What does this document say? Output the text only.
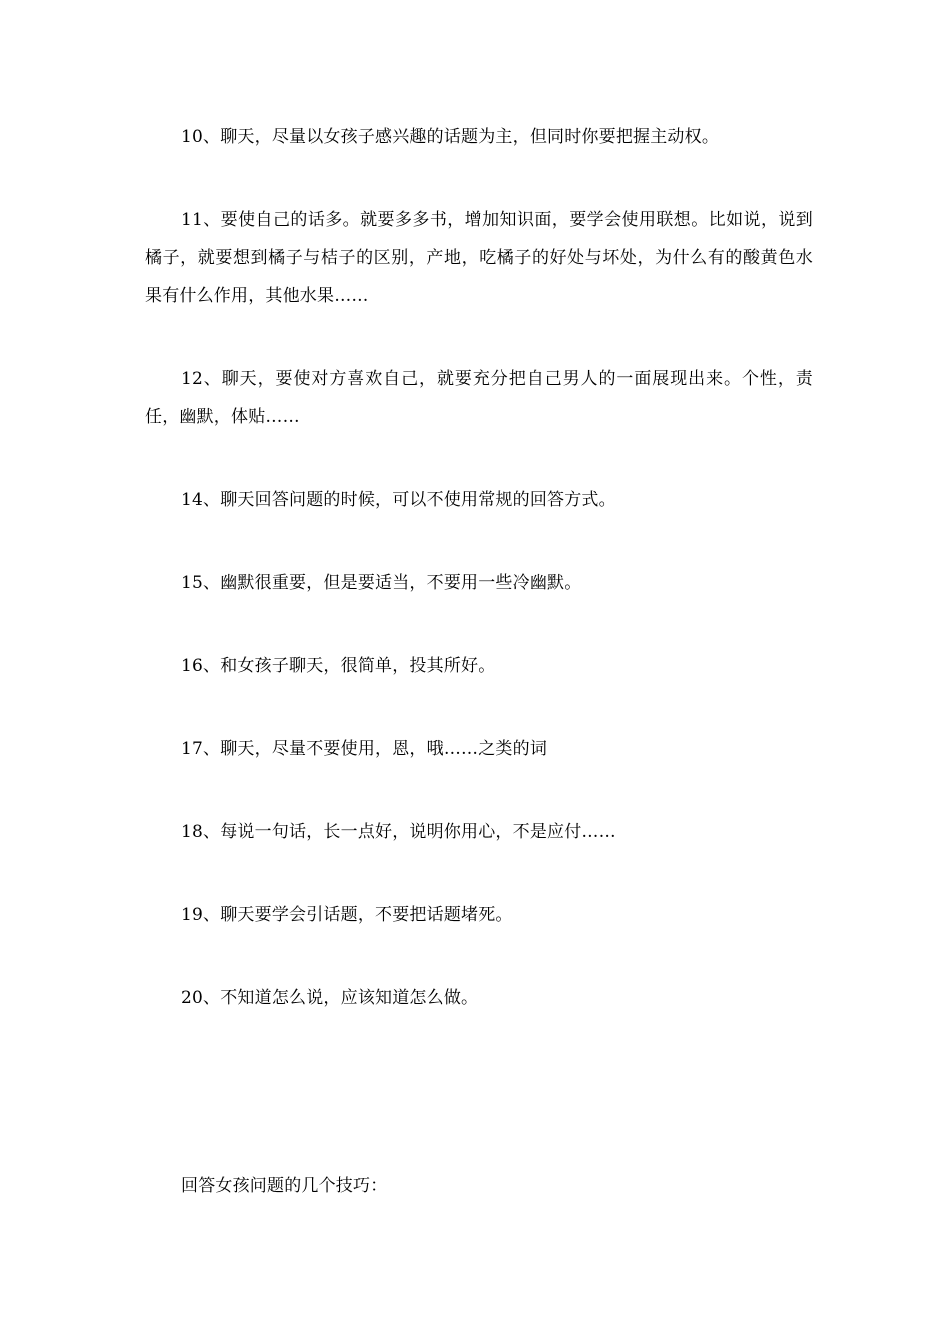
10、聊天，尽量以女孩子感兴趣的话题为主，但同时你要把握主动权。

11、要使自己的话多。就要多多书，增加知识面，要学会使用联想。比如说，说到橘子，就要想到橘子与桔子的区别，产地，吃橘子的好处与坏处，为什么有的酸黄色水果有什么作用，其他水果……

12、聊天，要使对方喜欢自己，就要充分把自己男人的一面展现出来。个性，责任，幽默，体贴……

14、聊天回答问题的时候，可以不使用常规的回答方式。

15、幽默很重要，但是要适当，不要用一些冷幽默。

16、和女孩子聊天，很简单，投其所好。

17、聊天，尽量不要使用，恩，哦……之类的词

18、每说一句话，长一点好，说明你用心，不是应付……

19、聊天要学会引话题，不要把话题堵死。

20、不知道怎么说，应该知道怎么做。

回答女孩问题的几个技巧：
